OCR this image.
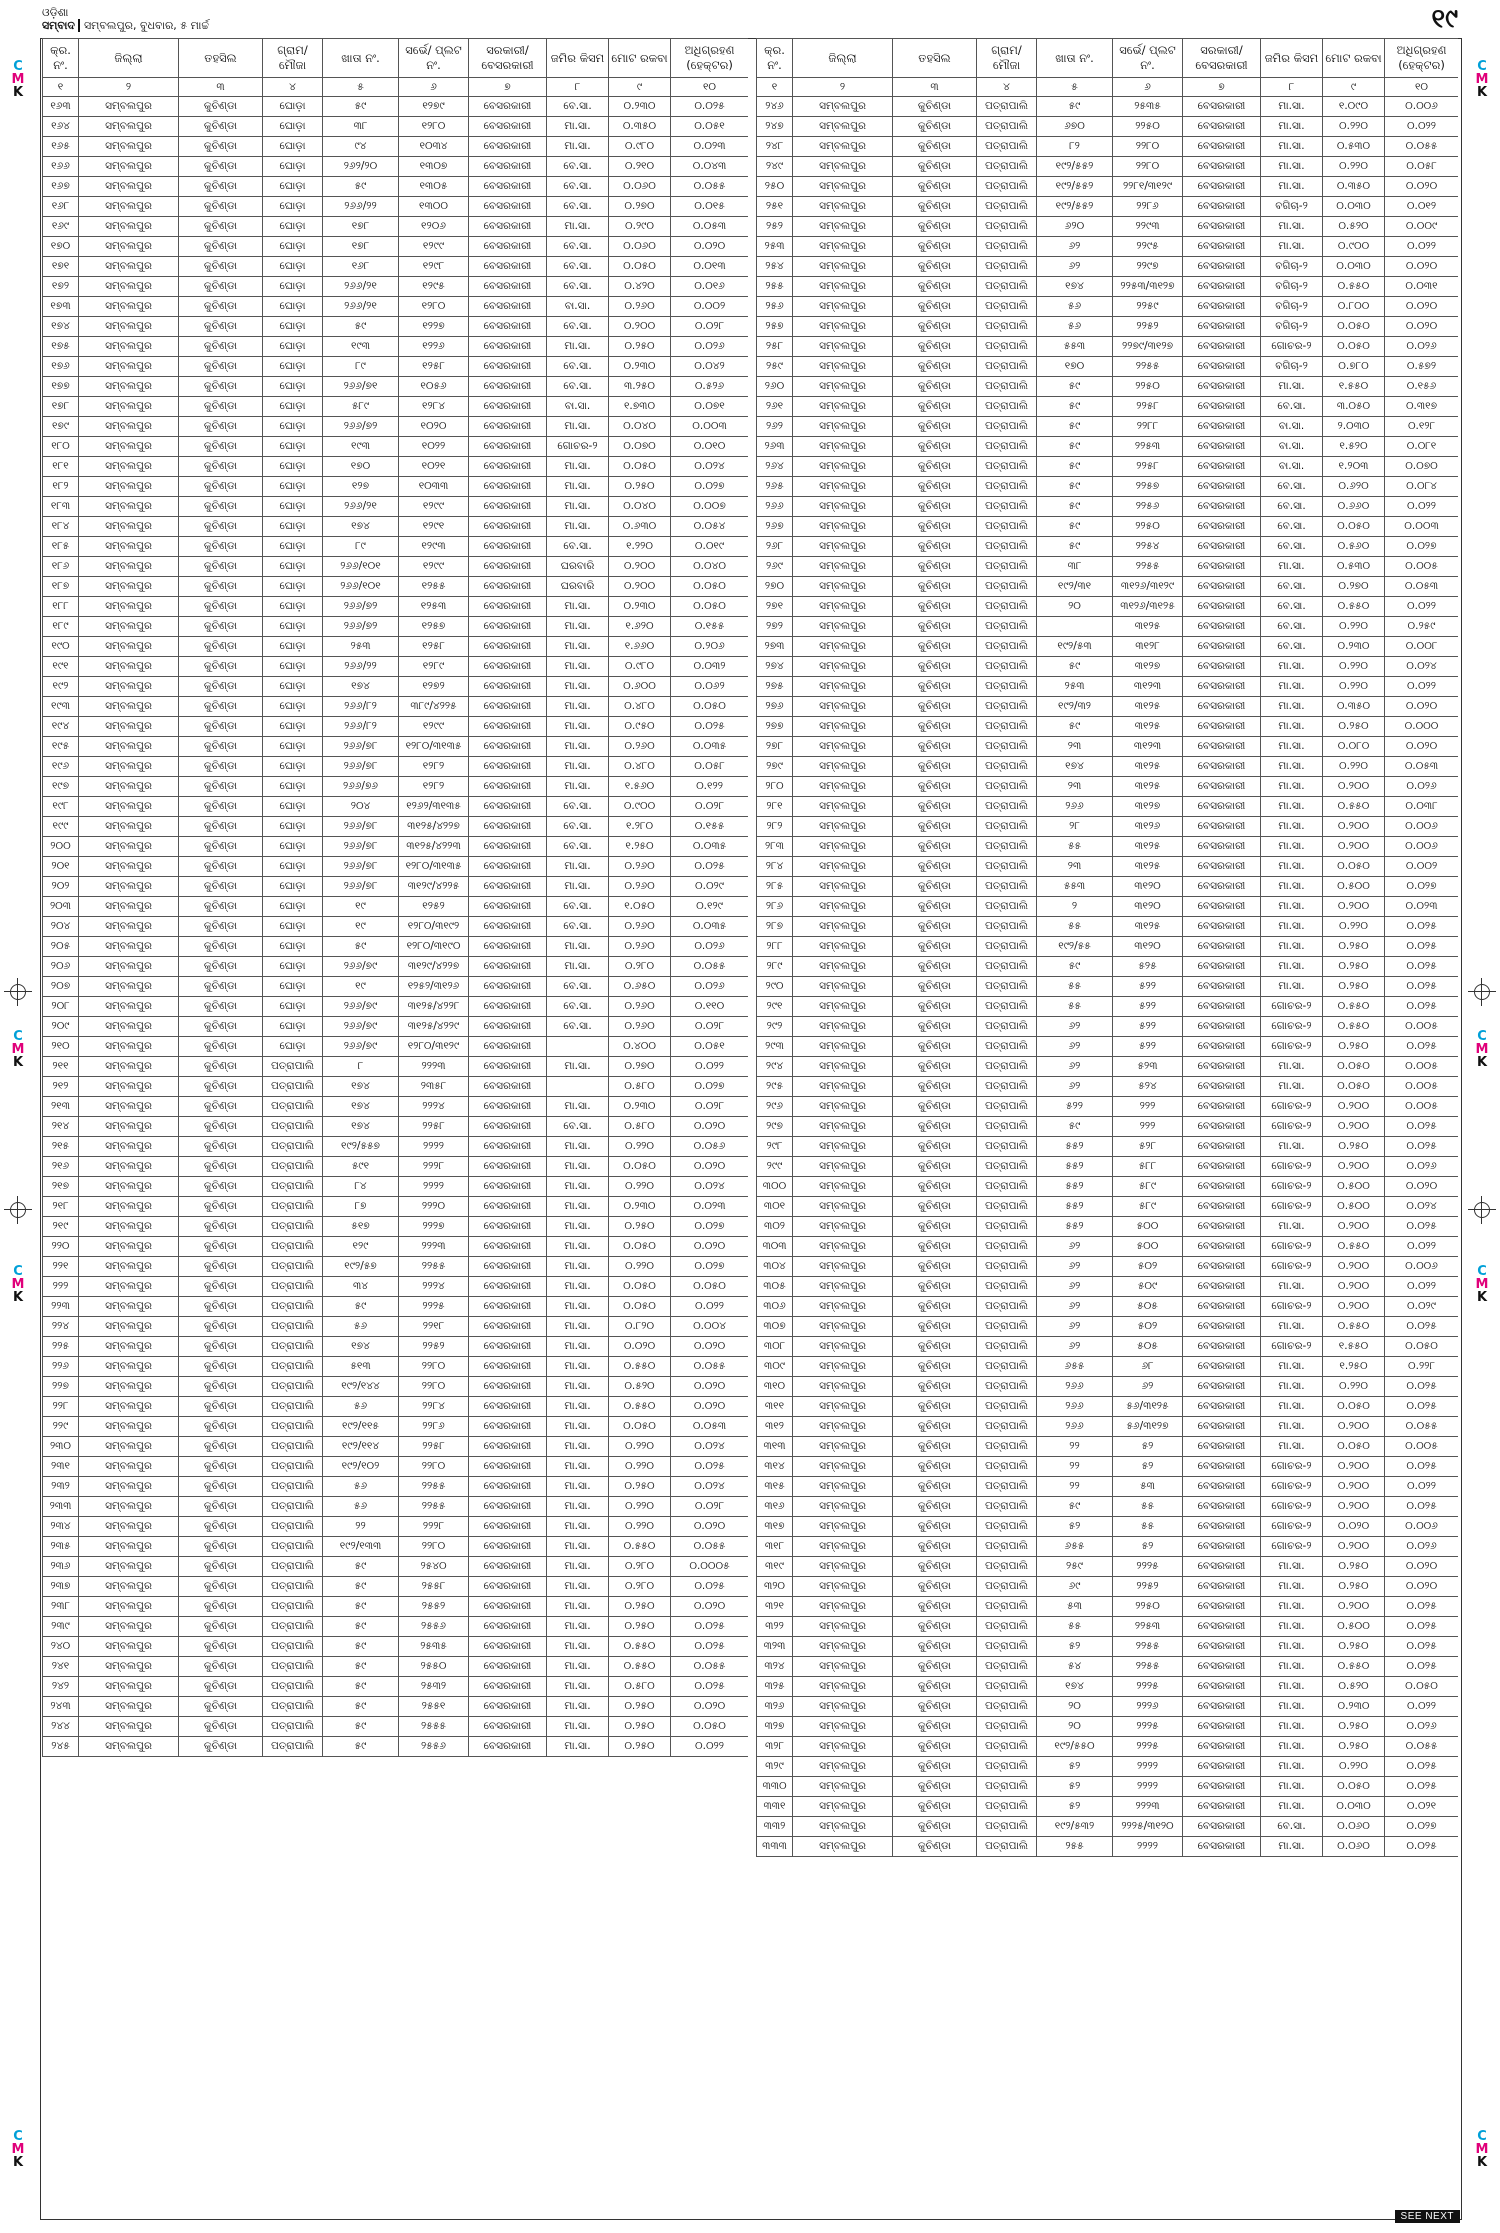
ଓଡ଼ିଶା
ସମ୍ବାଦ ସମ୍ବଲପୁର, ବୁଧବାର, ୫ ମାର୍ଚ୍ଚ	୧୯
କ୍ର. ନଂ.	ଜିଲ୍ଲା	ତହସିଲ	ଗ୍ରାମ/ ମୌଜା	ଖାତା ନଂ.	ସର୍ଭେ/ ପ୍ଲଟ ନଂ.	ସରକାରୀ/ ବେସରକାରୀ	ଜମିର କିସମ	ମୋଟ ରକବା	ଅଧିଗ୍ରହଣ (ହେକ୍ଟର)
୧	୨	୩	୪	୫	୬	୭	୮	୯	୧୦
୧୬୩	ସମ୍ବଲପୁର	କୁଚିଣ୍ଡା	ଘୋଡ଼ା	୫୯	୧୨୭୯	ବେସରକାରୀ	ବେ.ସା.	୦.୨୩୦	୦.୦୨୫
୧୬୪	ସମ୍ବଲପୁର	କୁଚିଣ୍ଡା	ଘୋଡ଼ା	୩୮	୧୨୮୦	ବେସରକାରୀ	ମା.ସା.	୦.୩୫୦	୦.୦୫୧
୧୬୫	ସମ୍ବଲପୁର	କୁଚିଣ୍ଡା	ଘୋଡ଼ା	୯୪	୧୦୩୪	ବେସରକାରୀ	ମା.ସା.	୦.୯୮୦	୦.୦୨୩
୧୬୬	ସମ୍ବଲପୁର	କୁଚିଣ୍ଡା	ଘୋଡ଼ା	୨୬୨/୨୦	୧୩୦୭	ବେସରକାରୀ	ବେ.ସା.	୦.୨୧୦	୦.୦୪୩
୧୬୭	ସମ୍ବଲପୁର	କୁଚିଣ୍ଡା	ଘୋଡ଼ା	୫୯	୧୩୦୫	ବେସରକାରୀ	ବେ.ସା.	୦.୦୬୦	୦.୦୫୫
୧୬୮	ସମ୍ବଲପୁର	କୁଚିଣ୍ଡା	ଘୋଡ଼ା	୨୬୬/୨୨	୧୩୦୦	ବେସରକାରୀ	ବେ.ସା.	୦.୨୭୦	୦.୦୧୫
୧୬୯	ସମ୍ବଲପୁର	କୁଚିଣ୍ଡା	ଘୋଡ଼ା	୧୭୮	୧୨୦୬	ବେସରକାରୀ	ମା.ସା.	୦.୨୯୦	୦.୦୫୩
୧୭୦	ସମ୍ବଲପୁର	କୁଚିଣ୍ଡା	ଘୋଡ଼ା	୧୭୮	୧୨୯୯	ବେସରକାରୀ	ବେ.ସା.	୦.୦୬୦	୦.୦୨୦
୧୭୧	ସମ୍ବଲପୁର	କୁଚିଣ୍ଡା	ଘୋଡ଼ା	୧୬୮	୧୨୯୮	ବେସରକାରୀ	ବେ.ସା.	୦.୦୫୦	୦.୦୧୩
୧୭୨	ସମ୍ବଲପୁର	କୁଚିଣ୍ଡା	ଘୋଡ଼ା	୨୬୬/୨୧	୧୨୯୫	ବେସରକାରୀ	ବେ.ସା.	୦.୪୨୦	୦.୦୧୬
୧୭୩	ସମ୍ବଲପୁର	କୁଚିଣ୍ଡା	ଘୋଡ଼ା	୨୬୬/୨୧	୧୨୮୦	ବେସରକାରୀ	ବା.ସା.	୦.୨୬୦	୦.୦୦୨
୧୭୪	ସମ୍ବଲପୁର	କୁଚିଣ୍ଡା	ଘୋଡ଼ା	୫୯	୧୨୨୭	ବେସରକାରୀ	ବେ.ସା.	୦.୨୦୦	୦.୦୨୮
୧୭୫	ସମ୍ବଲପୁର	କୁଚିଣ୍ଡା	ଘୋଡ଼ା	୧୯୩	୧୨୨୬	ବେସରକାରୀ	ମା.ସା.	୦.୨୫୦	୦.୦୨୬
୧୭୬	ସମ୍ବଲପୁର	କୁଚିଣ୍ଡା	ଘୋଡ଼ା	୮୯	୧୨୫୮	ବେସରକାରୀ	ବେ.ସା.	୦.୨୩୦	୦.୦୪୨
୧୭୭	ସମ୍ବଲପୁର	କୁଚିଣ୍ଡା	ଘୋଡ଼ା	୨୬୬/୭୧	୧୦୫୬	ବେସରକାରୀ	ବେ.ସା.	୩.୨୫୦	୦.୫୨୬
୧୭୮	ସମ୍ବଲପୁର	କୁଚିଣ୍ଡା	ଘୋଡ଼ା	୫୮୯	୧୨୮୪	ବେସରକାରୀ	ବା.ସା.	୧.୭୩୦	୦.୦୭୧
୧୭୯	ସମ୍ବଲପୁର	କୁଚିଣ୍ଡା	ଘୋଡ଼ା	୨୬୬/୭୨	୧୦୨୦	ବେସରକାରୀ	ମା.ସା.	୦.୦୪୦	୦.୦୦୩
୧୮୦	ସମ୍ବଲପୁର	କୁଚିଣ୍ଡା	ଘୋଡ଼ା	୧୯୩	୧୦୨୨	ବେସରକାରୀ	ଗୋଚର-୨	୦.୦୭୦	୦.୦୧୦
୧୮୧	ସମ୍ବଲପୁର	କୁଚିଣ୍ଡା	ଘୋଡ଼ା	୧୭୦	୧୦୨୧	ବେସରକାରୀ	ମା.ସା.	୦.୦୫୦	୦.୦୨୪
୧୮୨	ସମ୍ବଲପୁର	କୁଚିଣ୍ଡା	ଘୋଡ଼ା	୧୨୭	୧୦୩୩	ବେସରକାରୀ	ମା.ସା.	୦.୨୫୦	୦.୦୨୭
୧୮୩	ସମ୍ବଲପୁର	କୁଚିଣ୍ଡା	ଘୋଡ଼ା	୨୬୬/୨୧	୧୨୯୯	ବେସରକାରୀ	ମା.ସା.	୦.୦୪୦	୦.୦୦୭
୧୮୪	ସମ୍ବଲପୁର	କୁଚିଣ୍ଡା	ଘୋଡ଼ା	୧୭୪	୧୨୯୧	ବେସରକାରୀ	ମା.ସା.	୦.୬୩୦	୦.୦୫୪
୧୮୫	ସମ୍ବଲପୁର	କୁଚିଣ୍ଡା	ଘୋଡ଼ା	୮୯	୧୨୯୩	ବେସରକାରୀ	ବେ.ସା.	୧.୨୨୦	୦.୦୧୯
୧୮୬	ସମ୍ବଲପୁର	କୁଚିଣ୍ଡା	ଘୋଡ଼ା	୨୬୬/୧୦୧	୧୨୯୯	ବେସରକାରୀ	ଘରବାରି	୦.୨୦୦	୦.୦୪୦
୧୮୭	ସମ୍ବଲପୁର	କୁଚିଣ୍ଡା	ଘୋଡ଼ା	୨୬୬/୧୦୧	୧୨୫୫	ବେସରକାରୀ	ଘରବାରି	୦.୨୦୦	୦.୦୫୦
୧୮୮	ସମ୍ବଲପୁର	କୁଚିଣ୍ଡା	ଘୋଡ଼ା	୨୬୬/୭୨	୧୨୫୩	ବେସରକାରୀ	ମା.ସା.	୦.୨୩୦	୦.୦୫୦
୧୮୯	ସମ୍ବଲପୁର	କୁଚିଣ୍ଡା	ଘୋଡ଼ା	୨୬୬/୭୨	୧୨୫୭	ବେସରକାରୀ	ମା.ସା.	୧.୬୨୦	୦.୧୫୫
୧୯୦	ସମ୍ବଲପୁର	କୁଚିଣ୍ଡା	ଘୋଡ଼ା	୨୫୩	୧୨୫୮	ବେସରକାରୀ	ମା.ସା.	୧.୬୬୦	୦.୨୦୬
୧୯୧	ସମ୍ବଲପୁର	କୁଚିଣ୍ଡା	ଘୋଡ଼ା	୨୬୬/୨୨	୧୨୮୯	ବେସରକାରୀ	ମା.ସା.	୦.୯୮୦	୦.୦୩୨
୧୯୨	ସମ୍ବଲପୁର	କୁଚିଣ୍ଡା	ଘୋଡ଼ା	୧୭୪	୧୨୭୨	ବେସରକାରୀ	ମା.ସା.	୦.୬୦୦	୦.୦୬୨
୧୯୩	ସମ୍ବଲପୁର	କୁଚିଣ୍ଡା	ଘୋଡ଼ା	୨୬୬/୮୨	୩୮୯/୪୨୨୫	ବେସରକାରୀ	ମା.ସା.	୦.୪୮୦	୦.୦୫୦
୧୯୪	ସମ୍ବଲପୁର	କୁଚିଣ୍ଡା	ଘୋଡ଼ା	୨୬୬/୮୨	୧୨୯୯	ବେସରକାରୀ	ମା.ସା.	୦.୯୫୦	୦.୦୨୫
୧୯୫	ସମ୍ବଲପୁର	କୁଚିଣ୍ଡା	ଘୋଡ଼ା	୨୬୬/୭୮	୧୨୮୦/୩୧୩୫	ବେସରକାରୀ	ମା.ସା.	୦.୨୬୦	୦.୦୩୫
୧୯୬	ସମ୍ବଲପୁର	କୁଚିଣ୍ଡା	ଘୋଡ଼ା	୨୬୬/୭୮	୧୨୮୨	ବେସରକାରୀ	ମା.ସା.	୦.୪୮୦	୦.୦୫୮
୧୯୭	ସମ୍ବଲପୁର	କୁଚିଣ୍ଡା	ଘୋଡ଼ା	୨୬୬/୭୬	୧୨୮୨	ବେସରକାରୀ	ମା.ସା.	୧.୫୬୦	୦.୧୨୨
୧୯୮	ସମ୍ବଲପୁର	କୁଚିଣ୍ଡା	ଘୋଡ଼ା	୨୦୪	୧୨୬୨/୩୧୩୫	ବେସରକାରୀ	ବେ.ସା.	୦.୯୦୦	୦.୦୨୮
୧୯୯	ସମ୍ବଲପୁର	କୁଚିଣ୍ଡା	ଘୋଡ଼ା	୨୬୬/୭୮	୩୧୨୫/୪୨୨୭	ବେସରକାରୀ	ବେ.ସା.	୧.୨୮୦	୦.୧୫୫
୨୦୦	ସମ୍ବଲପୁର	କୁଚିଣ୍ଡା	ଘୋଡ଼ା	୨୬୬/୭୮	୩୧୨୫/୪୨୨୩	ବେସରକାରୀ	ବେ.ସା.	୧.୨୫୦	୦.୦୩୫
୨୦୧	ସମ୍ବଲପୁର	କୁଚିଣ୍ଡା	ଘୋଡ଼ା	୨୬୬/୭୮	୧୨୮୦/୩୧୩୫	ବେସରକାରୀ	ମା.ସା.	୦.୨୬୦	୦.୦୨୫
୨୦୨	ସମ୍ବଲପୁର	କୁଚିଣ୍ଡା	ଘୋଡ଼ା	୨୬୬/୭୮	୩୧୨୯/୪୨୨୫	ବେସରକାରୀ	ମା.ସା.	୦.୨୬୦	୦.୦୨୯
୨୦୩	ସମ୍ବଲପୁର	କୁଚିଣ୍ଡା	ଘୋଡ଼ା	୧୯	୧୨୫୨	ବେସରକାରୀ	ବେ.ସା.	୧.୦୫୦	୦.୧୨୯
୨୦୪	ସମ୍ବଲପୁର	କୁଚିଣ୍ଡା	ଘୋଡ଼ା	୧୯	୧୨୮୦/୩୧୯୨	ବେସରକାରୀ	ବେ.ସା.	୦.୨୬୦	୦.୦୩୫
୨୦୫	ସମ୍ବଲପୁର	କୁଚିଣ୍ଡା	ଘୋଡ଼ା	୫୯	୧୨୮୦/୩୧୯୦	ବେସରକାରୀ	ମା.ସା.	୦.୨୬୦	୦.୦୨୬
୨୦୬	ସମ୍ବଲପୁର	କୁଚିଣ୍ଡା	ଘୋଡ଼ା	୨୬୬/୭୯	୩୧୨୯/୪୨୨୭	ବେସରକାରୀ	ମା.ସା.	୦.୨୮୦	୦.୦୫୫
୨୦୭	ସମ୍ବଲପୁର	କୁଚିଣ୍ଡା	ଘୋଡ଼ା	୧୯	୧୨୫୨/୩୧୨୬	ବେସରକାରୀ	ବେ.ସା.	୦.୬୫୦	୦.୦୨୬
୨୦୮	ସମ୍ବଲପୁର	କୁଚିଣ୍ଡା	ଘୋଡ଼ା	୨୬୬/୭୯	୩୧୨୫/୪୨୨୮	ବେସରକାରୀ	ବେ.ସା.	୦.୨୬୦	୦.୧୧୦
୨୦୯	ସମ୍ବଲପୁର	କୁଚିଣ୍ଡା	ଘୋଡ଼ା	୨୬୬/୭୯	୩୧୨୫/୪୨୨୯	ବେସରକାରୀ	ବେ.ସା.	୦.୨୬୦	୦.୦୨୮
୨୧୦	ସମ୍ବଲପୁର	କୁଚିଣ୍ଡା	ଘୋଡ଼ା	୨୬୬/୭୯	୧୨୮୦/୩୧୨୯	ବେସରକାରୀ		୦.୪୦୦	୦.୦୫୧
୨୧୧	ସମ୍ବଲପୁର	କୁଚିଣ୍ଡା	ପତ୍ରାପାଲି	୮	୨୨୨୩	ବେସରକାରୀ	ମା.ସା.	୦.୨୭୦	୦.୦୨୨
୨୧୨	ସମ୍ବଲପୁର	କୁଚିଣ୍ଡା	ପତ୍ରାପାଲି	୧୭୪	୨୩୫୮	ବେସରକାରୀ		୦.୫୮୦	୦.୦୨୭
୨୧୩	ସମ୍ବଲପୁର	କୁଚିଣ୍ଡା	ପତ୍ରାପାଲି	୧୭୪	୨୨୨୪	ବେସରକାରୀ	ମା.ସା.	୦.୨୩୦	୦.୦୨୮
୨୧୪	ସମ୍ବଲପୁର	କୁଚିଣ୍ଡା	ପତ୍ରାପାଲି	୧୭୪	୨୨୫୮	ବେସରକାରୀ	ବେ.ସା.	୦.୫୮୦	୦.୦୨୦
୨୧୫	ସମ୍ବଲପୁର	କୁଚିଣ୍ଡା	ପତ୍ରାପାଲି	୧୯୨/୫୫୭	୨୨୨୨	ବେସରକାରୀ	ମା.ସା.	୦.୨୨୦	୦.୦୫୬
୨୧୬	ସମ୍ବଲପୁର	କୁଚିଣ୍ଡା	ପତ୍ରାପାଲି	୫୯୧	୨୨୨୮	ବେସରକାରୀ	ମା.ସା.	୦.୦୫୦	୦.୦୨୦
୨୧୭	ସମ୍ବଲପୁର	କୁଚିଣ୍ଡା	ପତ୍ରାପାଲି	୮୪	୨୨୨୨	ବେସରକାରୀ	ମା.ସା.	୦.୨୨୦	୦.୦୨୪
୨୧୮	ସମ୍ବଲପୁର	କୁଚିଣ୍ଡା	ପତ୍ରାପାଲି	୮୭	୨୨୨୦	ବେସରକାରୀ	ମା.ସା.	୦.୨୩୦	୦.୦୨୩
୨୧୯	ସମ୍ବଲପୁର	କୁଚିଣ୍ଡା	ପତ୍ରାପାଲି	୫୧୭	୨୨୨୭	ବେସରକାରୀ	ମା.ସା.	୦.୨୫୦	୦.୦୨୭
୨୨୦	ସମ୍ବଲପୁର	କୁଚିଣ୍ଡା	ପତ୍ରାପାଲି	୧୨୯	୨୨୨୩	ବେସରକାରୀ	ମା.ସା.	୦.୦୫୦	୦.୦୨୦
୨୨୧	ସମ୍ବଲପୁର	କୁଚିଣ୍ଡା	ପତ୍ରାପାଲି	୧୯୨/୫୭	୨୨୫୫	ବେସରକାରୀ	ମା.ସା.	୦.୨୨୦	୦.୦୨୭
୨୨୨	ସମ୍ବଲପୁର	କୁଚିଣ୍ଡା	ପତ୍ରାପାଲି	୩୪	୨୨୨୪	ବେସରକାରୀ	ମା.ସା.	୦.୦୫୦	୦.୦୫୦
୨୨୩	ସମ୍ବଲପୁର	କୁଚିଣ୍ଡା	ପତ୍ରାପାଲି	୫୯	୨୨୨୫	ବେସରକାରୀ	ମା.ସା.	୦.୦୫୦	୦.୦୨୨
୨୨୪	ସମ୍ବଲପୁର	କୁଚିଣ୍ଡା	ପତ୍ରାପାଲି	୫୬	୨୨୧୮	ବେସରକାରୀ	ମା.ସା.	୦.୮୨୦	୦.୦୦୪
୨୨୫	ସମ୍ବଲପୁର	କୁଚିଣ୍ଡା	ପତ୍ରାପାଲି	୧୭୪	୨୨୫୨	ବେସରକାରୀ	ମା.ସା.	୦.୦୨୦	୦.୦୨୦
୨୨୬	ସମ୍ବଲପୁର	କୁଚିଣ୍ଡା	ପତ୍ରାପାଲି	୫୧୩	୨୨୮୦	ବେସରକାରୀ	ମା.ସା.	୦.୫୫୦	୦.୦୫୫
୨୨୭	ସମ୍ବଲପୁର	କୁଚିଣ୍ଡା	ପତ୍ରାପାଲି	୧୯୨/୧୪୪	୨୨୮୦	ବେସରକାରୀ	ମା.ସା.	୦.୫୨୦	୦.୦୨୦
୨୨୮	ସମ୍ବଲପୁର	କୁଚିଣ୍ଡା	ପତ୍ରାପାଲି	୫୬	୨୨୮୪	ବେସରକାରୀ	ମା.ସା.	୦.୫୫୦	୦.୦୨୦
୨୨୯	ସମ୍ବଲପୁର	କୁଚିଣ୍ଡା	ପତ୍ରାପାଲି	୧୯୨/୧୧୫	୨୨୮୬	ବେସରକାରୀ	ମା.ସା.	୦.୦୫୦	୦.୦୫୩
୨୩୦	ସମ୍ବଲପୁର	କୁଚିଣ୍ଡା	ପତ୍ରାପାଲି	୧୯୨/୧୧୪	୨୨୫୮	ବେସରକାରୀ	ମା.ସା.	୦.୨୨୦	୦.୦୨୪
୨୩୧	ସମ୍ବଲପୁର	କୁଚିଣ୍ଡା	ପତ୍ରାପାଲି	୧୯୨/୧୦୨	୨୨୮୦	ବେସରକାରୀ	ମା.ସା.	୦.୨୨୦	୦.୦୨୫
୨୩୨	ସମ୍ବଲପୁର	କୁଚିଣ୍ଡା	ପତ୍ରାପାଲି	୫୬	୨୨୫୫	ବେସରକାରୀ	ମା.ସା.	୦.୨୫୦	୦.୦୨୪
୨୩୩	ସମ୍ବଲପୁର	କୁଚିଣ୍ଡା	ପତ୍ରାପାଲି	୫୬	୨୨୫୫	ବେସରକାରୀ	ମା.ସା.	୦.୨୨୦	୦.୦୨୮
୨୩୪	ସମ୍ବଲପୁର	କୁଚିଣ୍ଡା	ପତ୍ରାପାଲି	୨୨	୨୨୨୮	ବେସରକାରୀ	ମା.ସା.	୦.୨୨୦	୦.୦୨୦
୨୩୫	ସମ୍ବଲପୁର	କୁଚିଣ୍ଡା	ପତ୍ରାପାଲି	୧୯୨/୧୩୩	୨୨୮୦	ବେସରକାରୀ	ମା.ସା.	୦.୫୫୦	୦.୦୫୫
୨୩୬	ସମ୍ବଲପୁର	କୁଚିଣ୍ଡା	ପତ୍ରାପାଲି	୫୯	୨୫୪୦	ବେସରକାରୀ	ମା.ସା.	୦.୨୮୦	୦.୦୦୦୫
୨୩୭	ସମ୍ବଲପୁର	କୁଚିଣ୍ଡା	ପତ୍ରାପାଲି	୫୯	୨୫୫୮	ବେସରକାରୀ	ମା.ସା.	୦.୨୮୦	୦.୦୨୫
୨୩୮	ସମ୍ବଲପୁର	କୁଚିଣ୍ଡା	ପତ୍ରାପାଲି	୫୯	୨୫୫୨	ବେସରକାରୀ	ମା.ସା.	୦.୨୫୦	୦.୦୨୦
୨୩୯	ସମ୍ବଲପୁର	କୁଚିଣ୍ଡା	ପତ୍ରାପାଲି	୫୯	୨୫୫୬	ବେସରକାରୀ	ମା.ସା.	୦.୨୫୦	୦.୦୨୫
୨୪୦	ସମ୍ବଲପୁର	କୁଚିଣ୍ଡା	ପତ୍ରାପାଲି	୫୯	୨୫୩୫	ବେସରକାରୀ	ମା.ସା.	୦.୫୫୦	୦.୦୨୫
୨୪୧	ସମ୍ବଲପୁର	କୁଚିଣ୍ଡା	ପତ୍ରାପାଲି	୫୯	୨୫୫୦	ବେସରକାରୀ	ମା.ସା.	୦.୫୫୦	୦.୦୫୫
୨୪୨	ସମ୍ବଲପୁର	କୁଚିଣ୍ଡା	ପତ୍ରାପାଲି	୫୯	୨୫୩୨	ବେସରକାରୀ	ମା.ସା.	୦.୫୮୦	୦.୦୨୫
୨୪୩	ସମ୍ବଲପୁର	କୁଚିଣ୍ଡା	ପତ୍ରାପାଲି	୫୯	୨୫୫୧	ବେସରକାରୀ	ମା.ସା.	୦.୨୫୦	୦.୦୨୦
୨୪୪	ସମ୍ବଲପୁର	କୁଚିଣ୍ଡା	ପତ୍ରାପାଲି	୫୯	୨୫୫୫	ବେସରକାରୀ	ମା.ସା.	୦.୨୫୦	୦.୦୫୦
୨୪୫	ସମ୍ବଲପୁର	କୁଚିଣ୍ଡା	ପତ୍ରାପାଲି	୫୯	୨୫୫୬	ବେସରକାରୀ	ମା.ସା.	୦.୨୫୦	୦.୦୨୨
କ୍ର. ନଂ.	ଜିଲ୍ଲା	ତହସିଲ	ଗ୍ରାମ/ ମୌଜା	ଖାତା ନଂ.	ସର୍ଭେ/ ପ୍ଲଟ ନଂ.	ସରକାରୀ/ ବେସରକାରୀ	ଜମିର କିସମ	ମୋଟ ରକବା	ଅଧିଗ୍ରହଣ (ହେକ୍ଟର)
୧	୨	୩	୪	୫	୬	୭	୮	୯	୧୦
୨୪୬	ସମ୍ବଲପୁର	କୁଚିଣ୍ଡା	ପତ୍ରାପାଲି	୫୯	୨୫୩୫	ବେସରକାରୀ	ମା.ସା.	୧.୦୯୦	୦.୦୦୬
୨୪୭	ସମ୍ବଲପୁର	କୁଚିଣ୍ଡା	ପତ୍ରାପାଲି	୬୭୦	୨୨୫୦	ବେସରକାରୀ	ମା.ସା.	୦.୨୨୦	୦.୦୨୨
୨୪୮	ସମ୍ବଲପୁର	କୁଚିଣ୍ଡା	ପତ୍ରାପାଲି	୮୨	୨୨୮୦	ବେସରକାରୀ	ମା.ସା.	୦.୫୩୦	୦.୦୫୫
୨୪୯	ସମ୍ବଲପୁର	କୁଚିଣ୍ଡା	ପତ୍ରାପାଲି	୧୯୨/୫୫୨	୨୨୮୦	ବେସରକାରୀ	ମା.ସା.	୦.୨୨୦	୦.୦୫୮
୨୫୦	ସମ୍ବଲପୁର	କୁଚିଣ୍ଡା	ପତ୍ରାପାଲି	୧୯୨/୫୫୨	୨୨୮୧/୩୧୨୯	ବେସରକାରୀ	ମା.ସା.	୦.୩୫୦	୦.୦୨୦
୨୫୧	ସମ୍ବଲପୁର	କୁଚିଣ୍ଡା	ପତ୍ରାପାଲି	୧୯୨/୫୫୨	୨୨୮୬	ବେସରକାରୀ	ବଗିଚା-୨	୦.୦୩୦	୦.୦୧୨
୨୫୨	ସମ୍ବଲପୁର	କୁଚିଣ୍ଡା	ପତ୍ରାପାଲି	୬୨୦	୨୨୯୩	ବେସରକାରୀ	ମା.ସା.	୦.୫୨୦	୦.୦୦୯
୨୫୩	ସମ୍ବଲପୁର	କୁଚିଣ୍ଡା	ପତ୍ରାପାଲି	୬୨	୨୨୯୫	ବେସରକାରୀ	ମା.ସା.	୦.୯୦୦	୦.୦୨୨
୨୫୪	ସମ୍ବଲପୁର	କୁଚିଣ୍ଡା	ପତ୍ରାପାଲି	୬୨	୨୨୯୭	ବେସରକାରୀ	ବଗିଚା-୨	୦.୦୩୦	୦.୦୨୦
୨୫୫	ସମ୍ବଲପୁର	କୁଚିଣ୍ଡା	ପତ୍ରାପାଲି	୧୭୪	୨୨୫୩/୩୧୨୭	ବେସରକାରୀ	ବଗିଚା-୨	୦.୫୫୦	୦.୦୩୧
୨୫୬	ସମ୍ବଲପୁର	କୁଚିଣ୍ଡା	ପତ୍ରାପାଲି	୫୬	୨୨୫୯	ବେସରକାରୀ	ବଗିଚା-୨	୦.୮୦୦	୦.୦୨୦
୨୫୭	ସମ୍ବଲପୁର	କୁଚିଣ୍ଡା	ପତ୍ରାପାଲି	୫୬	୨୨୫୨	ବେସରକାରୀ	ବଗିଚା-୨	୦.୦୫୦	୦.୦୨୦
୨୫୮	ସମ୍ବଲପୁର	କୁଚିଣ୍ଡା	ପତ୍ରାପାଲି	୫୫୩	୨୨୭୯/୩୧୨୭	ବେସରକାରୀ	ଗୋଚର-୨	୦.୦୫୦	୦.୦୨୬
୨୫୯	ସମ୍ବଲପୁର	କୁଚିଣ୍ଡା	ପତ୍ରାପାଲି	୧୭୦	୨୨୫୫	ବେସରକାରୀ	ବଗିଚା-୨	୦.୭୮୦	୦.୫୭୨
୨୬୦	ସମ୍ବଲପୁର	କୁଚିଣ୍ଡା	ପତ୍ରାପାଲି	୫୯	୨୨୫୦	ବେସରକାରୀ	ମା.ସା.	୧.୫୫୦	୦.୧୫୬
୨୬୧	ସମ୍ବଲପୁର	କୁଚିଣ୍ଡା	ପତ୍ରାପାଲି	୫୯	୨୨୫୮	ବେସରକାରୀ	ବେ.ସା.	୩.୦୫୦	୦.୩୧୭
୨୬୨	ସମ୍ବଲପୁର	କୁଚିଣ୍ଡା	ପତ୍ରାପାଲି	୫୯	୨୨୮୮	ବେସରକାରୀ	ବା.ସା.	୨.୦୩୦	୦.୧୨୮
୨୬୩	ସମ୍ବଲପୁର	କୁଚିଣ୍ଡା	ପତ୍ରାପାଲି	୫୯	୨୨୫୩	ବେସରକାରୀ	ବା.ସା.	୧.୫୨୦	୦.୦୮୧
୨୬୪	ସମ୍ବଲପୁର	କୁଚିଣ୍ଡା	ପତ୍ରାପାଲି	୫୯	୨୨୫୮	ବେସରକାରୀ	ବା.ସା.	୧.୨୦୩	୦.୦୭୦
୨୬୫	ସମ୍ବଲପୁର	କୁଚିଣ୍ଡା	ପତ୍ରାପାଲି	୫୯	୨୨୫୭	ବେସରକାରୀ	ବେ.ସା.	୦.୬୨୦	୦.୦୮୪
୨୬୬	ସମ୍ବଲପୁର	କୁଚିଣ୍ଡା	ପତ୍ରାପାଲି	୫୯	୨୨୫୬	ବେସରକାରୀ	ବେ.ସା.	୦.୬୬୦	୦.୦୨୨
୨୬୭	ସମ୍ବଲପୁର	କୁଚିଣ୍ଡା	ପତ୍ରାପାଲି	୫୯	୨୨୫୦	ବେସରକାରୀ	ବେ.ସା.	୦.୦୫୦	୦.୦୦୩
୨୬୮	ସମ୍ବଲପୁର	କୁଚିଣ୍ଡା	ପତ୍ରାପାଲି	୫୯	୨୨୫୪	ବେସରକାରୀ	ବେ.ସା.	୦.୫୬୦	୦.୦୨୭
୨୬୯	ସମ୍ବଲପୁର	କୁଚିଣ୍ଡା	ପତ୍ରାପାଲି	୩୮	୨୨୫୫	ବେସରକାରୀ	ମା.ସା.	୦.୫୩୦	୦.୦୦୫
୨୭୦	ସମ୍ବଲପୁର	କୁଚିଣ୍ଡା	ପତ୍ରାପାଲି	୧୯୨/୩୧	୩୧୨୬/୩୧୨୯	ବେସରକାରୀ	ବେ.ସା.	୦.୨୭୦	୦.୦୫୩
୨୭୧	ସମ୍ବଲପୁର	କୁଚିଣ୍ଡା	ପତ୍ରାପାଲି	୨୦	୩୧୨୬/୩୧୨୫	ବେସରକାରୀ	ବେ.ସା.	୦.୫୫୦	୦.୦୨୨
୨୭୨	ସମ୍ବଲପୁର	କୁଚିଣ୍ଡା	ପତ୍ରାପାଲି		୩୧୨୫	ବେସରକାରୀ	ବେ.ସା.	୦.୨୨୦	୦.୨୫୯
୨୭୩	ସମ୍ବଲପୁର	କୁଚିଣ୍ଡା	ପତ୍ରାପାଲି	୧୯୨/୫୩	୩୧୨୮	ବେସରକାରୀ	ବେ.ସା.	୦.୨୩୦	୦.୦୦୮
୨୭୪	ସମ୍ବଲପୁର	କୁଚିଣ୍ଡା	ପତ୍ରାପାଲି	୫୯	୩୧୨୭	ବେସରକାରୀ	ମା.ସା.	୦.୨୨୦	୦.୦୨୪
୨୭୫	ସମ୍ବଲପୁର	କୁଚିଣ୍ଡା	ପତ୍ରାପାଲି	୨୫୩	୩୧୨୩	ବେସରକାରୀ	ମା.ସା.	୦.୨୨୦	୦.୦୨୨
୨୭୬	ସମ୍ବଲପୁର	କୁଚିଣ୍ଡା	ପତ୍ରାପାଲି	୧୯୨/୩୨	୩୧୨୫	ବେସରକାରୀ	ମା.ସା.	୦.୩୫୦	୦.୦୨୦
୨୭୭	ସମ୍ବଲପୁର	କୁଚିଣ୍ଡା	ପତ୍ରାପାଲି	୫୯	୩୧୨୫	ବେସରକାରୀ	ମା.ସା.	୦.୨୫୦	୦.୦୦୦
୨୭୮	ସମ୍ବଲପୁର	କୁଚିଣ୍ଡା	ପତ୍ରାପାଲି	୨୩	୩୧୨୩	ବେସରକାରୀ	ମା.ସା.	୦.୦୮୦	୦.୦୨୦
୨୭୯	ସମ୍ବଲପୁର	କୁଚିଣ୍ଡା	ପତ୍ରାପାଲି	୧୭୪	୩୧୨୫	ବେସରକାରୀ	ମା.ସା.	୦.୨୨୦	୦.୦୫୩
୨୮୦	ସମ୍ବଲପୁର	କୁଚିଣ୍ଡା	ପତ୍ରାପାଲି	୨୩	୩୧୨୫	ବେସରକାରୀ	ମା.ସା.	୦.୨୦୦	୦.୦୨୬
୨୮୧	ସମ୍ବଲପୁର	କୁଚିଣ୍ଡା	ପତ୍ରାପାଲି	୨୬୬	୩୧୨୭	ବେସରକାରୀ	ମା.ସା.	୦.୫୫୦	୦.୦୩୮
୨୮୨	ସମ୍ବଲପୁର	କୁଚିଣ୍ଡା	ପତ୍ରାପାଲି	୨୮	୩୧୨୬	ବେସରକାରୀ	ମା.ସା.	୦.୨୦୦	୦.୦୦୬
୨୮୩	ସମ୍ବଲପୁର	କୁଚିଣ୍ଡା	ପତ୍ରାପାଲି	୫୫	୩୧୨୫	ବେସରକାରୀ	ମା.ସା.	୦.୨୦୦	୦.୦୦୬
୨୮୪	ସମ୍ବଲପୁର	କୁଚିଣ୍ଡା	ପତ୍ରାପାଲି	୨୩	୩୧୨୫	ବେସରକାରୀ	ମା.ସା.	୦.୦୫୦	୦.୦୦୨
୨୮୫	ସମ୍ବଲପୁର	କୁଚିଣ୍ଡା	ପତ୍ରାପାଲି	୫୫୩	୩୧୨୦	ବେସରକାରୀ	ମା.ସା.	୦.୫୦୦	୦.୦୨୭
୨୮୬	ସମ୍ବଲପୁର	କୁଚିଣ୍ଡା	ପତ୍ରାପାଲି	୨	୩୧୨୦	ବେସରକାରୀ	ମା.ସା.	୦.୨୦୦	୦.୦୨୩
୨୮୭	ସମ୍ବଲପୁର	କୁଚିଣ୍ଡା	ପତ୍ରାପାଲି	୫୫	୩୧୨୫	ବେସରକାରୀ	ମା.ସା.	୦.୨୨୦	୦.୦୨୫
୨୮୮	ସମ୍ବଲପୁର	କୁଚିଣ୍ଡା	ପତ୍ରାପାଲି	୧୯୨/୫୫	୩୧୨୦	ବେସରକାରୀ	ମା.ସା.	୦.୨୫୦	୦.୦୨୫
୨୮୯	ସମ୍ବଲପୁର	କୁଚିଣ୍ଡା	ପତ୍ରାପାଲି	୫୯	୫୨୫	ବେସରକାରୀ	ମା.ସା.	୦.୨୫୦	୦.୦୨୫
୨୯୦	ସମ୍ବଲପୁର	କୁଚିଣ୍ଡା	ପତ୍ରାପାଲି	୫୫	୫୨୨	ବେସରକାରୀ	ମା.ସା.	୦.୨୫୦	୦.୦୨୫
୨୯୧	ସମ୍ବଲପୁର	କୁଚିଣ୍ଡା	ପତ୍ରାପାଲି	୫୫	୫୨୨	ବେସରକାରୀ	ଗୋଚର-୨	୦.୫୫୦	୦.୦୨୫
୨୯୨	ସମ୍ବଲପୁର	କୁଚିଣ୍ଡା	ପତ୍ରାପାଲି	୬୨	୫୨୨	ବେସରକାରୀ	ଗୋଚର-୨	୦.୫୫୦	୦.୦୦୫
୨୯୩	ସମ୍ବଲପୁର	କୁଚିଣ୍ଡା	ପତ୍ରାପାଲି	୬୨	୫୨୨	ବେସରକାରୀ	ଗୋଚର-୨	୦.୨୫୦	୦.୦୨୫
୨୯୪	ସମ୍ବଲପୁର	କୁଚିଣ୍ଡା	ପତ୍ରାପାଲି	୬୨	୫୨୩	ବେସରକାରୀ	ମା.ସା.	୦.୦୫୦	୦.୦୦୫
୨୯୫	ସମ୍ବଲପୁର	କୁଚିଣ୍ଡା	ପତ୍ରାପାଲି	୬୨	୫୨୪	ବେସରକାରୀ	ମା.ସା.	୦.୦୫୦	୦.୦୦୫
୨୯୬	ସମ୍ବଲପୁର	କୁଚିଣ୍ଡା	ପତ୍ରାପାଲି	୫୨୨	୨୨୨	ବେସରକାରୀ	ଗୋଚର-୨	୦.୨୦୦	୦.୦୦୫
୨୯୭	ସମ୍ବଲପୁର	କୁଚିଣ୍ଡା	ପତ୍ରାପାଲି	୫୯	୨୨୨	ବେସରକାରୀ	ଗୋଚର-୨	୦.୨୦୦	୦.୦୨୫
୨୯୮	ସମ୍ବଲପୁର	କୁଚିଣ୍ଡା	ପତ୍ରାପାଲି	୫୫୨	୫୨୮	ବେସରକାରୀ	ମା.ସା.	୦.୨୫୦	୦.୦୨୫
୨୯୯	ସମ୍ବଲପୁର	କୁଚିଣ୍ଡା	ପତ୍ରାପାଲି	୫୫୨	୫୮୮	ବେସରକାରୀ	ଗୋଚର-୨	୦.୨୦୦	୦.୦୨୬
୩୦୦	ସମ୍ବଲପୁର	କୁଚିଣ୍ଡା	ପତ୍ରାପାଲି	୫୫୨	୫୮୯	ବେସରକାରୀ	ଗୋଚର-୨	୦.୫୦୦	୦.୦୨୦
୩୦୧	ସମ୍ବଲପୁର	କୁଚିଣ୍ଡା	ପତ୍ରାପାଲି	୫୫୨	୫୮୯	ବେସରକାରୀ	ଗୋଚର-୨	୦.୫୦୦	୦.୦୨୪
୩୦୨	ସମ୍ବଲପୁର	କୁଚିଣ୍ଡା	ପତ୍ରାପାଲି	୫୫୨	୫୦୦	ବେସରକାରୀ	ମା.ସା.	୦.୨୦୦	୦.୦୨୫
୩୦୩	ସମ୍ବଲପୁର	କୁଚିଣ୍ଡା	ପତ୍ରାପାଲି	୬୨	୫୦୦	ବେସରକାରୀ	ଗୋଚର-୨	୦.୫୫୦	୦.୦୨୨
୩୦୪	ସମ୍ବଲପୁର	କୁଚିଣ୍ଡା	ପତ୍ରାପାଲି	୬୨	୫୦୨	ବେସରକାରୀ	ଗୋଚର-୨	୦.୨୦୦	୦.୦୦୬
୩୦୫	ସମ୍ବଲପୁର	କୁଚିଣ୍ଡା	ପତ୍ରାପାଲି	୬୨	୫୦୯	ବେସରକାରୀ	ମା.ସା.	୦.୨୦୦	୦.୦୨୨
୩୦୬	ସମ୍ବଲପୁର	କୁଚିଣ୍ଡା	ପତ୍ରାପାଲି	୬୨	୫୦୫	ବେସରକାରୀ	ଗୋଚର-୨	୦.୨୦୦	୦.୦୨୯
୩୦୭	ସମ୍ବଲପୁର	କୁଚିଣ୍ଡା	ପତ୍ରାପାଲି	୬୨	୫୦୨	ବେସରକାରୀ	ମା.ସା.	୦.୫୫୦	୦.୦୨୫
୩୦୮	ସମ୍ବଲପୁର	କୁଚିଣ୍ଡା	ପତ୍ରାପାଲି	୬୨	୫୦୫	ବେସରକାରୀ	ଗୋଚର-୨	୧.୫୫୦	୦.୦୫୦
୩୦୯	ସମ୍ବଲପୁର	କୁଚିଣ୍ଡା	ପତ୍ରାପାଲି	୬୫୫	୬୮	ବେସରକାରୀ	ମା.ସା.	୧.୨୫୦	୦.୨୨୮
୩୧୦	ସମ୍ବଲପୁର	କୁଚିଣ୍ଡା	ପତ୍ରାପାଲି	୨୬୬	୬୨	ବେସରକାରୀ	ମା.ସା.	୦.୨୨୦	୦.୦୨୫
୩୧୧	ସମ୍ବଲପୁର	କୁଚିଣ୍ଡା	ପତ୍ରାପାଲି	୨୬୬	୫୬/୩୧୨୫	ବେସରକାରୀ	ମା.ସା.	୦.୦୫୦	୦.୦୨୫
୩୧୨	ସମ୍ବଲପୁର	କୁଚିଣ୍ଡା	ପତ୍ରାପାଲି	୨୬୬	୫୬/୩୧୨୭	ବେସରକାରୀ	ମା.ସା.	୦.୨୦୦	୦.୦୫୫
୩୧୩	ସମ୍ବଲପୁର	କୁଚିଣ୍ଡା	ପତ୍ରାପାଲି	୨୨	୫୨	ବେସରକାରୀ	ମା.ସା.	୦.୦୫୦	୦.୦୦୫
୩୧୪	ସମ୍ବଲପୁର	କୁଚିଣ୍ଡା	ପତ୍ରାପାଲି	୨୨	୫୨	ବେସରକାରୀ	ଗୋଚର-୨	୦.୨୦୦	୦.୦୨୫
୩୧୫	ସମ୍ବଲପୁର	କୁଚିଣ୍ଡା	ପତ୍ରାପାଲି	୨୨	୫୩	ବେସରକାରୀ	ଗୋଚର-୨	୦.୨୦୦	୦.୦୨୨
୩୧୬	ସମ୍ବଲପୁର	କୁଚିଣ୍ଡା	ପତ୍ରାପାଲି	୫୯	୫୫	ବେସରକାରୀ	ଗୋଚର-୨	୦.୨୦୦	୦.୦୨୫
୩୧୭	ସମ୍ବଲପୁର	କୁଚିଣ୍ଡା	ପତ୍ରାପାଲି	୫୨	୫୫	ବେସରକାରୀ	ଗୋଚର-୨	୦.୦୨୦	୦.୦୦୬
୩୧୮	ସମ୍ବଲପୁର	କୁଚିଣ୍ଡା	ପତ୍ରାପାଲି	୬୫୫	୫୨	ବେସରକାରୀ	ଗୋଚର-୨	୦.୨୦୦	୦.୦୨୬
୩୧୯	ସମ୍ବଲପୁର	କୁଚିଣ୍ଡା	ପତ୍ରାପାଲି	୨୫୯	୨୨୨୫	ବେସରକାରୀ	ମା.ସା.	୦.୨୫୦	୦.୦୨୦
୩୨୦	ସମ୍ବଲପୁର	କୁଚିଣ୍ଡା	ପତ୍ରାପାଲି	୬୯	୨୨୫୨	ବେସରକାରୀ	ମା.ସା.	୦.୨୫୦	୦.୦୨୦
୩୨୧	ସମ୍ବଲପୁର	କୁଚିଣ୍ଡା	ପତ୍ରାପାଲି	୫୩	୨୨୫୦	ବେସରକାରୀ	ମା.ସା.	୦.୨୦୦	୦.୦୨୫
୩୨୨	ସମ୍ବଲପୁର	କୁଚିଣ୍ଡା	ପତ୍ରାପାଲି	୫୫	୨୨୫୩	ବେସରକାରୀ	ମା.ସା.	୦.୫୦୦	୦.୦୨୫
୩୨୩	ସମ୍ବଲପୁର	କୁଚିଣ୍ଡା	ପତ୍ରାପାଲି	୫୨	୨୨୫୫	ବେସରକାରୀ	ମା.ସା.	୦.୨୫୦	୦.୦୨୫
୩୨୪	ସମ୍ବଲପୁର	କୁଚିଣ୍ଡା	ପତ୍ରାପାଲି	୫୪	୨୨୫୫	ବେସରକାରୀ	ମା.ସା.	୦.୫୫୦	୦.୦୨୫
୩୨୫	ସମ୍ବଲପୁର	କୁଚିଣ୍ଡା	ପତ୍ରାପାଲି	୧୭୪	୨୨୨୫	ବେସରକାରୀ	ମା.ସା.	୦.୫୨୦	୦.୦୫୦
୩୨୬	ସମ୍ବଲପୁର	କୁଚିଣ୍ଡା	ପତ୍ରାପାଲି	୨୦	୨୨୨୬	ବେସରକାରୀ	ମା.ସା.	୦.୨୩୦	୦.୦୨୨
୩୨୭	ସମ୍ବଲପୁର	କୁଚିଣ୍ଡା	ପତ୍ରାପାଲି	୨୦	୨୨୨୫	ବେସରକାରୀ	ମା.ସା.	୦.୨୫୦	୦.୦୨୬
୩୨୮	ସମ୍ବଲପୁର	କୁଚିଣ୍ଡା	ପତ୍ରାପାଲି	୧୯୨/୫୫୦	୨୨୨୫	ବେସରକାରୀ	ମା.ସା.	୦.୨୫୦	୦.୦୫୫
୩୨୯	ସମ୍ବଲପୁର	କୁଚିଣ୍ଡା	ପତ୍ରାପାଲି	୫୨	୨୨୨୨	ବେସରକାରୀ	ମା.ସା.	୦.୨୨୦	୦.୦୨୫
୩୩୦	ସମ୍ବଲପୁର	କୁଚିଣ୍ଡା	ପତ୍ରାପାଲି	୫୨	୨୨୨୨	ବେସରକାରୀ	ମା.ସା.	୦.୦୫୦	୦.୦୨୫
୩୩୧	ସମ୍ବଲପୁର	କୁଚିଣ୍ଡା	ପତ୍ରାପାଲି	୫୨	୨୨୨୩	ବେସରକାରୀ	ମା.ସା.	୦.୦୩୦	୦.୦୨୧
୩୩୨	ସମ୍ବଲପୁର	କୁଚିଣ୍ଡା	ପତ୍ରାପାଲି	୧୯୨/୫୩୨	୨୨୨୫/୩୧୨୦	ବେସରକାରୀ	ବେ.ସା.	୦.୦୬୦	୦.୦୨୭
୩୩୩	ସମ୍ବଲପୁର	କୁଚିଣ୍ଡା	ପତ୍ରାପାଲି	୨୫୫	୨୨୨୨	ବେସରକାରୀ	ମା.ସା.	୦.୦୬୦	୦.୦୨୫
C
M
K
C
M
K
C
M
K
C
M
K
C
M
K
C
M
K
C
M
K
C
M
K
SEE NEXT
